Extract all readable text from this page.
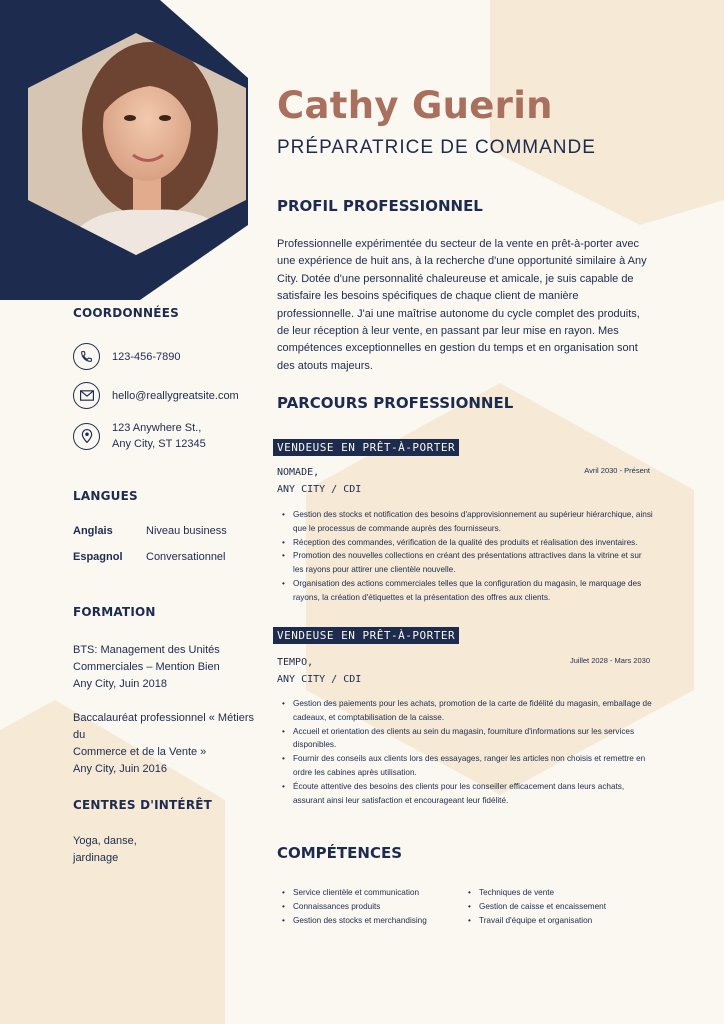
Cathy Guerin
PRÉPARATRICE DE COMMANDE
PROFIL PROFESSIONNEL
Professionnelle expérimentée du secteur de la vente en prêt-à-porter avec une expérience de huit ans, à la recherche d'une opportunité similaire à Any City. Dotée d'une personnalité chaleureuse et amicale, je suis capable de satisfaire les besoins spécifiques de chaque client de manière professionnelle. J'ai une maîtrise autonome du cycle complet des produits, de leur réception à leur vente, en passant par leur mise en rayon. Mes compétences exceptionnelles en gestion du temps et en organisation sont des atouts majeurs.
COORDONNÉES
123-456-7890
hello@reallygreatsite.com
123 Anywhere St.,
Any City, ST 12345
LANGUES
Anglais	Niveau business
Espagnol Conversationnel
FORMATION
BTS: Management des Unités
Commerciales – Mention Bien
Any City, Juin 2018
Baccalauréat professionnel « Métiers du
Commerce et de la Vente »
Any City, Juin 2016
CENTRES D'INTÉRÊT
Yoga, danse,
jardinage
PARCOURS PROFESSIONNEL
VENDEUSE EN PRÊT-À-PORTER
NOMADE,
ANY CITY / CDI
Avril 2030 - Présent
• Gestion des stocks et notification des besoins d'approvisionnement au supérieur hiérarchique, ainsi que le processus de commande auprès des fournisseurs.
• Réception des commandes, vérification de la qualité des produits et réalisation des inventaires.
• Promotion des nouvelles collections en créant des présentations attractives dans la vitrine et sur les rayons pour attirer une clientèle nouvelle.
• Organisation des actions commerciales telles que la configuration du magasin, le marquage des rayons, la création d'étiquettes et la présentation des offres aux clients.
VENDEUSE EN PRÊT-À-PORTER
TEMPO,
ANY CITY / CDI
Juillet 2028 - Mars 2030
• Gestion des paiements pour les achats, promotion de la carte de fidélité du magasin, emballage de cadeaux, et comptabilisation de la caisse.
• Accueil et orientation des clients au sein du magasin, fourniture d'informations sur les services disponibles.
• Fournir des conseils aux clients lors des essayages, ranger les articles non choisis et remettre en ordre les cabines après utilisation.
• Écoute attentive des besoins des clients pour les conseiller efficacement dans leurs achats, assurant ainsi leur satisfaction et encourageant leur fidélité.
COMPÉTENCES
• Service clientèle et communication
• Connaissances produits
• Gestion des stocks et merchandising
• Techniques de vente
• Gestion de caisse et encaissement
• Travail d'équipe et organisation
